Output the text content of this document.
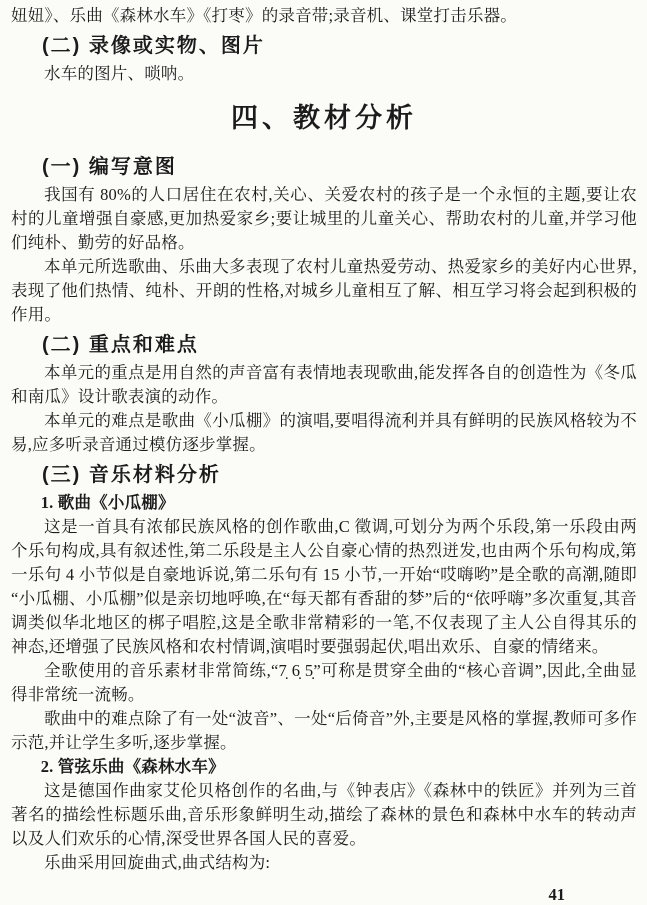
妞妞》、乐曲《森林水车》《打枣》的录音带;录音机、课堂打击乐器。
(二) 录像或实物、图片
水车的图片、唢呐。
四、教材分析
(一) 编写意图
我国有 80%的人口居住在农村,关心、关爱农村的孩子是一个永恒的主题,要让农村的儿童增强自豪感,更加热爱家乡;要让城里的儿童关心、帮助农村的儿童,并学习他们纯朴、勤劳的好品格。
本单元所选歌曲、乐曲大多表现了农村儿童热爱劳动、热爱家乡的美好内心世界,表现了他们热情、纯朴、开朗的性格,对城乡儿童相互了解、相互学习将会起到积极的作用。
(二) 重点和难点
本单元的重点是用自然的声音富有表情地表现歌曲,能发挥各自的创造性为《冬瓜和南瓜》设计歌表演的动作。
本单元的难点是歌曲《小瓜棚》的演唱,要唱得流利并具有鲜明的民族风格较为不易,应多听录音通过模仿逐步掌握。
(三) 音乐材料分析
1. 歌曲《小瓜棚》
这是一首具有浓郁民族风格的创作歌曲,C 徵调,可划分为两个乐段,第一乐段由两个乐句构成,具有叙述性,第二乐段是主人公自豪心情的热烈迸发,也由两个乐句构成,第一乐句 4 小节似是自豪地诉说,第二乐句有 15 小节,一开始“哎嗨哟”是全歌的高潮,随即“小瓜棚、小瓜棚”似是亲切地呼唤,在“每天都有香甜的梦”后的“依呼嗨”多次重复,其音调类似华北地区的梆子唱腔,这是全歌非常精彩的一笔,不仅表现了主人公自得其乐的神态,还增强了民族风格和农村情调,演唱时要强弱起伏,唱出欢乐、自豪的情绪来。
全歌使用的音乐素材非常简练,“7̣ 6̣ 5̣”可称是贯穿全曲的“核心音调”,因此,全曲显得非常统一流畅。
歌曲中的难点除了有一处“波音”、一处“后倚音”外,主要是风格的掌握,教师可多作示范,并让学生多听,逐步掌握。
2. 管弦乐曲《森林水车》
这是德国作曲家艾伦贝格创作的名曲,与《钟表店》《森林中的铁匠》并列为三首著名的描绘性标题乐曲,音乐形象鲜明生动,描绘了森林的景色和森林中水车的转动声以及人们欢乐的心情,深受世界各国人民的喜爱。
乐曲采用回旋曲式,曲式结构为:
41
